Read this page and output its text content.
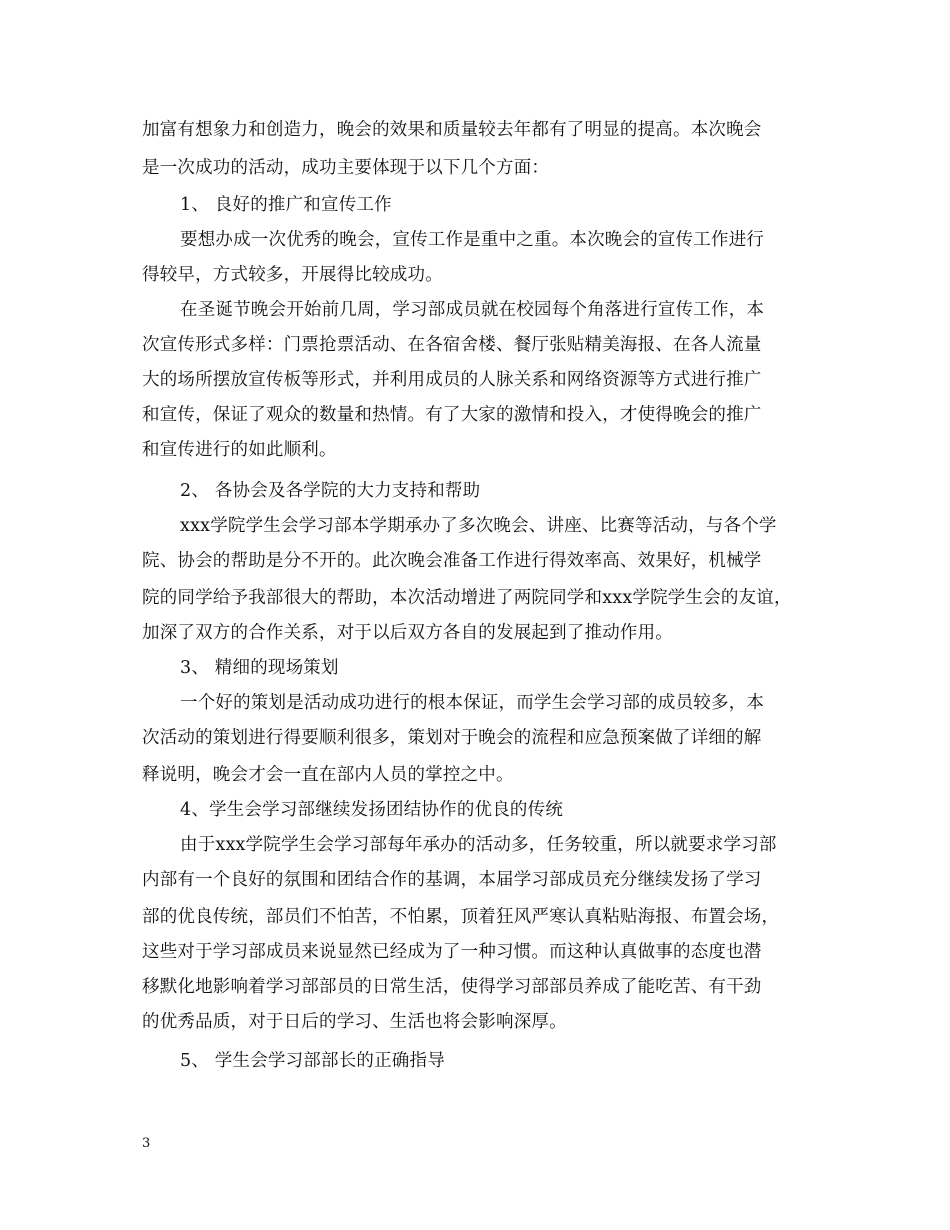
加富有想象力和创造力，晚会的效果和质量较去年都有了明显的提高。本次晚会
是一次成功的活动，成功主要体现于以下几个方面：
1、 良好的推广和宣传工作
要想办成一次优秀的晚会，宣传工作是重中之重。本次晚会的宣传工作进行
得较早，方式较多，开展得比较成功。
在圣诞节晚会开始前几周，学习部成员就在校园每个角落进行宣传工作，本
次宣传形式多样：门票抢票活动、在各宿舍楼、餐厅张贴精美海报、在各人流量
大的场所摆放宣传板等形式，并利用成员的人脉关系和网络资源等方式进行推广
和宣传，保证了观众的数量和热情。有了大家的激情和投入，才使得晚会的推广
和宣传进行的如此顺利。
2、 各协会及各学院的大力支持和帮助
xxx学院学生会学习部本学期承办了多次晚会、讲座、比赛等活动，与各个学
院、协会的帮助是分不开的。此次晚会准备工作进行得效率高、效果好，机械学
院的同学给予我部很大的帮助，本次活动增进了两院同学和xxx学院学生会的友谊，
加深了双方的合作关系，对于以后双方各自的发展起到了推动作用。
3、 精细的现场策划
一个好的策划是活动成功进行的根本保证，而学生会学习部的成员较多，本
次活动的策划进行得要顺利很多，策划对于晚会的流程和应急预案做了详细的解
释说明，晚会才会一直在部内人员的掌控之中。
4、学生会学习部继续发扬团结协作的优良的传统
由于xxx学院学生会学习部每年承办的活动多，任务较重，所以就要求学习部
内部有一个良好的氛围和团结合作的基调，本届学习部成员充分继续发扬了学习
部的优良传统，部员们不怕苦，不怕累，顶着狂风严寒认真粘贴海报、布置会场，
这些对于学习部成员来说显然已经成为了一种习惯。而这种认真做事的态度也潜
移默化地影响着学习部部员的日常生活，使得学习部部员养成了能吃苦、有干劲
的优秀品质，对于日后的学习、生活也将会影响深厚。
5、 学生会学习部部长的正确指导
3
